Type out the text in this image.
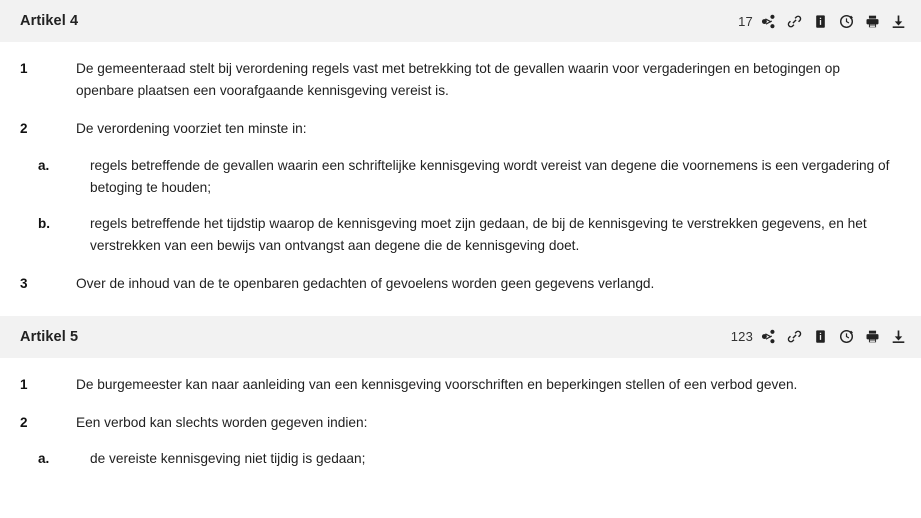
Artikel 4	17
1	De gemeenteraad stelt bij verordening regels vast met betrekking tot de gevallen waarin voor vergaderingen en betogingen op openbare plaatsen een voorafgaande kennisgeving vereist is.
2	De verordening voorziet ten minste in:
a.	regels betreffende de gevallen waarin een schriftelijke kennisgeving wordt vereist van degene die voornemens is een vergadering of betoging te houden;
b.	regels betreffende het tijdstip waarop de kennisgeving moet zijn gedaan, de bij de kennisgeving te verstrekken gegevens, en het verstrekken van een bewijs van ontvangst aan degene die de kennisgeving doet.
3	Over de inhoud van de te openbaren gedachten of gevoelens worden geen gegevens verlangd.
Artikel 5	123
1	De burgemeester kan naar aanleiding van een kennisgeving voorschriften en beperkingen stellen of een verbod geven.
2	Een verbod kan slechts worden gegeven indien:
a.	de vereiste kennisgeving niet tijdig is gedaan;
